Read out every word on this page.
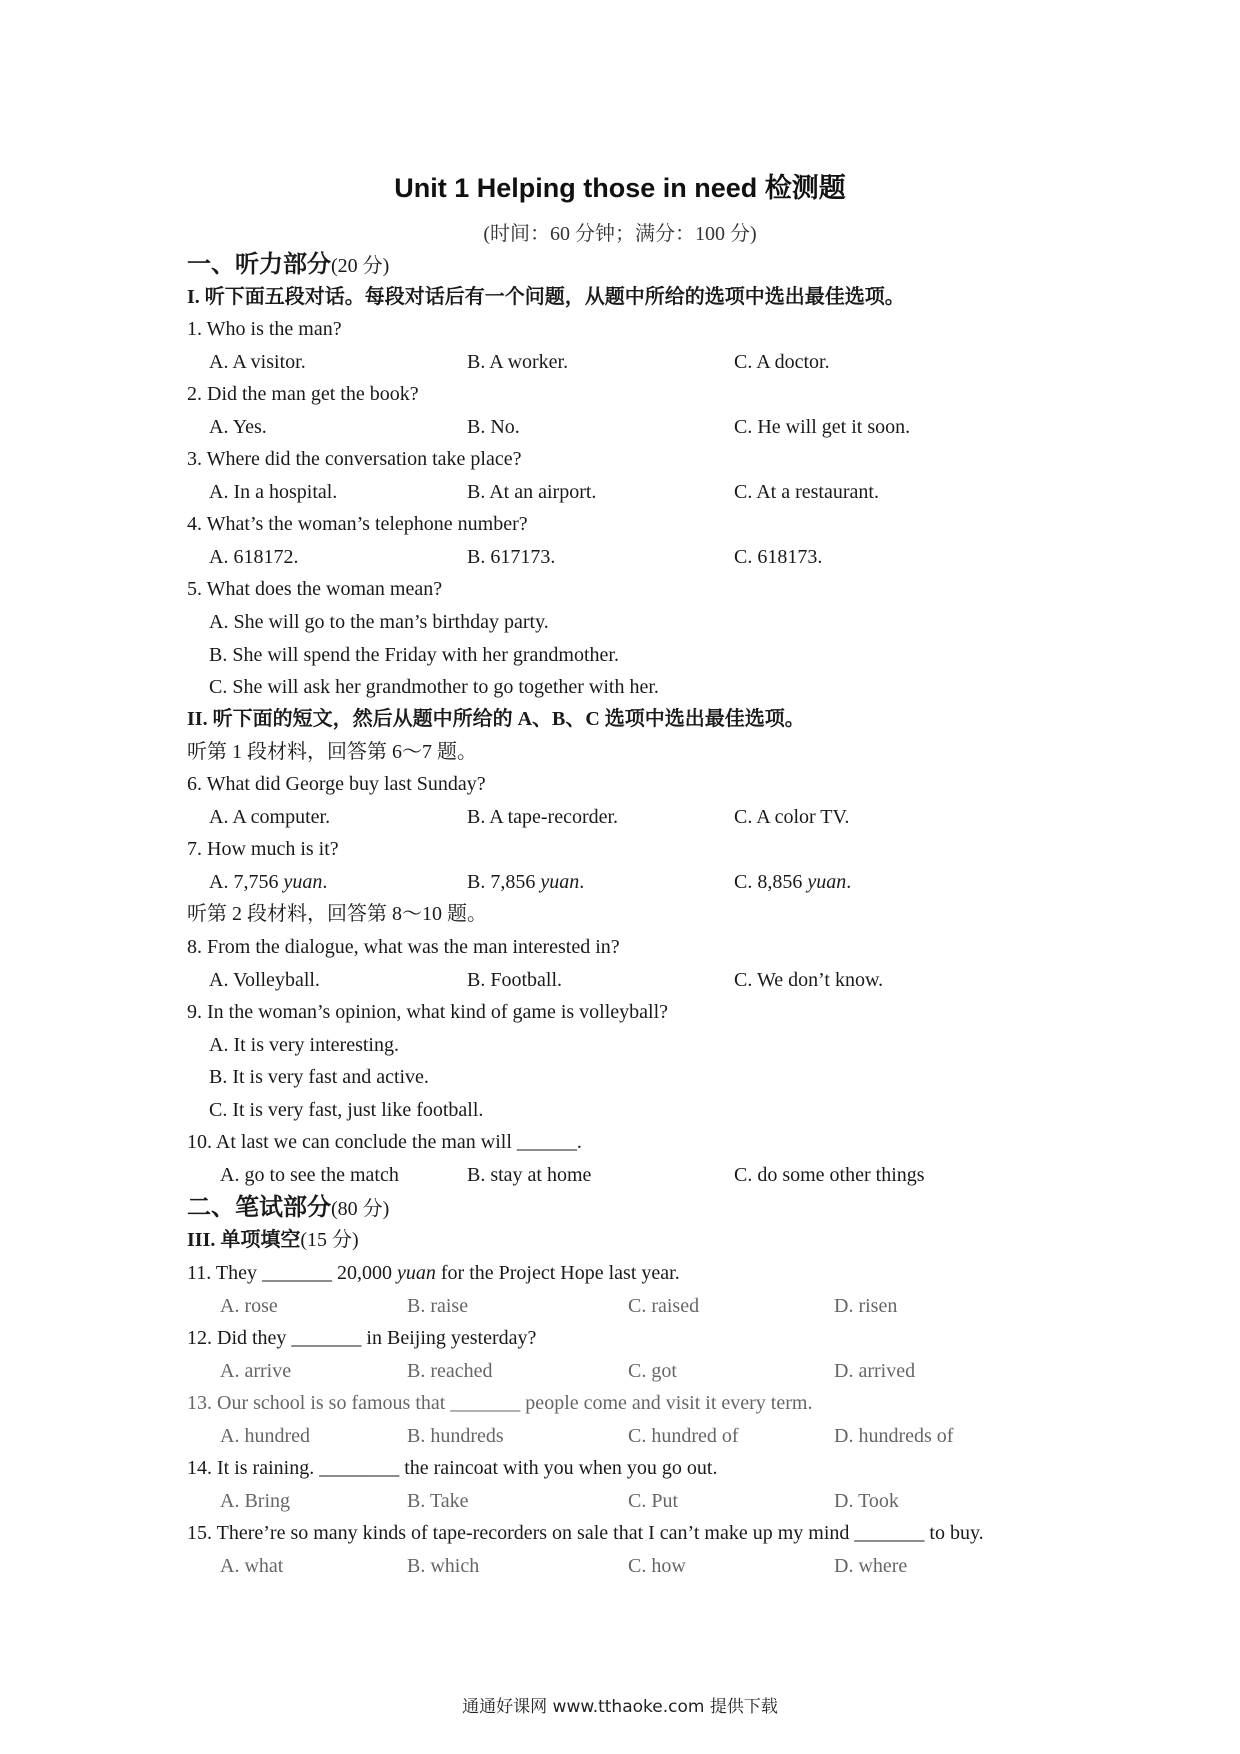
Unit 1 Helping those in need 检测题
(时间：60 分钟；满分：100 分)
一、听力部分(20 分)
I. 听下面五段对话。每段对话后有一个问题，从题中所给的选项中选出最佳选项。
1. Who is the man?
A. A visitor.	B. A worker.	C. A doctor.
2. Did the man get the book?
A. Yes.	B. No.	C. He will get it soon.
3. Where did the conversation take place?
A. In a hospital.	B. At an airport.	C. At a restaurant.
4. What’s the woman’s telephone number?
A. 618172.	B. 617173.	C. 618173.
5. What does the woman mean?
A. She will go to the man’s birthday party.
B. She will spend the Friday with her grandmother.
C. She will ask her grandmother to go together with her.
II. 听下面的短文，然后从题中所给的 A、B、C 选项中选出最佳选项。
听第 1 段材料，回答第 6～7 题。
6. What did George buy last Sunday?
A. A computer.	B. A tape-recorder.	C. A color TV.
7. How much is it?
A. 7,756 yuan.	B. 7,856 yuan.	C. 8,856 yuan.
听第 2 段材料，回答第 8～10 题。
8. From the dialogue, what was the man interested in?
A. Volleyball.	B. Football.	C. We don’t know.
9. In the woman’s opinion, what kind of game is volleyball?
A. It is very interesting.
B. It is very fast and active.
C. It is very fast, just like football.
10. At last we can conclude the man will ______.
A. go to see the match	B. stay at home	C. do some other things
二、笔试部分(80 分)
III. 单项填空(15 分)
11. They _______ 20,000 yuan for the Project Hope last year.
A. rose	B. raise	C. raised	D. risen
12. Did they _______ in Beijing yesterday?
A. arrive	B. reached	C. got	D. arrived
13. Our school is so famous that _______ people come and visit it every term.
A. hundred	B. hundreds	C. hundred of	D. hundreds of
14. It is raining. ________ the raincoat with you when you go out.
A. Bring	B. Take	C. Put	D. Took
15. There’re so many kinds of tape-recorders on sale that I can’t make up my mind _______ to buy.
A. what	B. which	C. how	D. where
通通好课网 www.tthaoke.com 提供下载
